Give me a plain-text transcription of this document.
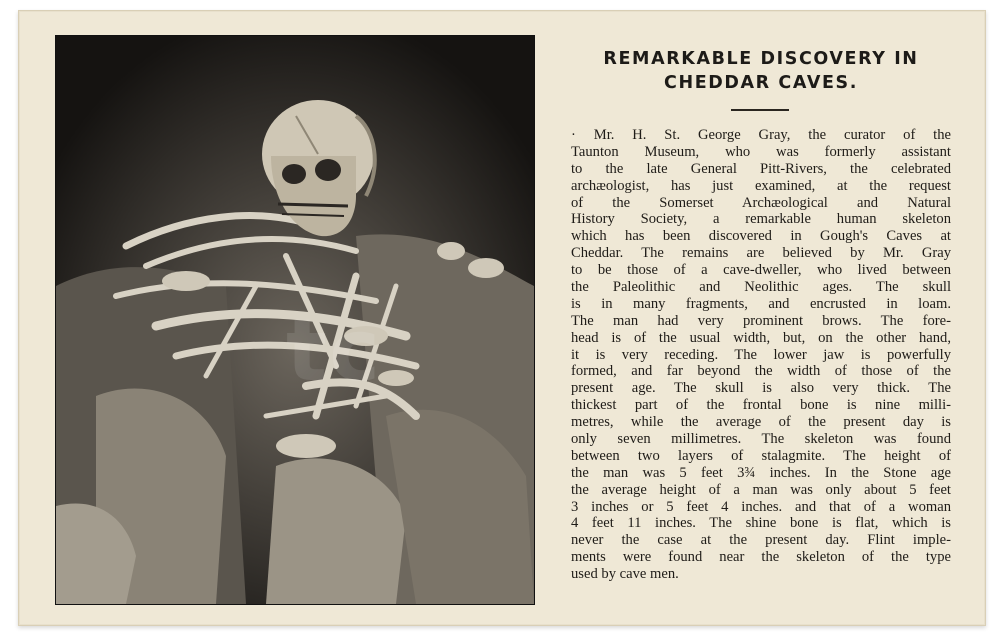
REMARKABLE DISCOVERY IN
CHEDDAR CAVES.
· Mr. H. St. George Gray, the curator of the
Taunton Museum, who was formerly assistant
to the late General Pitt-Rivers, the celebrated
archæologist, has just examined, at the request
of the Somerset Archæological and Natural
History Society, a remarkable human skeleton
which has been discovered in Gough's Caves at
Cheddar. The remains are believed by Mr. Gray
to be those of a cave-dweller, who lived between
the Paleolithic and Neolithic ages. The skull
is in many fragments, and encrusted in loam.
The man had very prominent brows. The fore-
head is of the usual width, but, on the other hand,
it is very receding. The lower jaw is powerfully
formed, and far beyond the width of those of the
present age. The skull is also very thick. The
thickest part of the frontal bone is nine milli-
metres, while the average of the present day is
only seven millimetres. The skeleton was found
between two layers of stalagmite. The height of
the man was 5 feet 3¾ inches. In the Stone age
the average height of a man was only about 5 feet
3 inches or 5 feet 4 inches. and that of a woman
4 feet 11 inches. The shine bone is flat, which is
never the case at the present day. Flint imple-
ments were found near the skeleton of the type
used by cave men.
